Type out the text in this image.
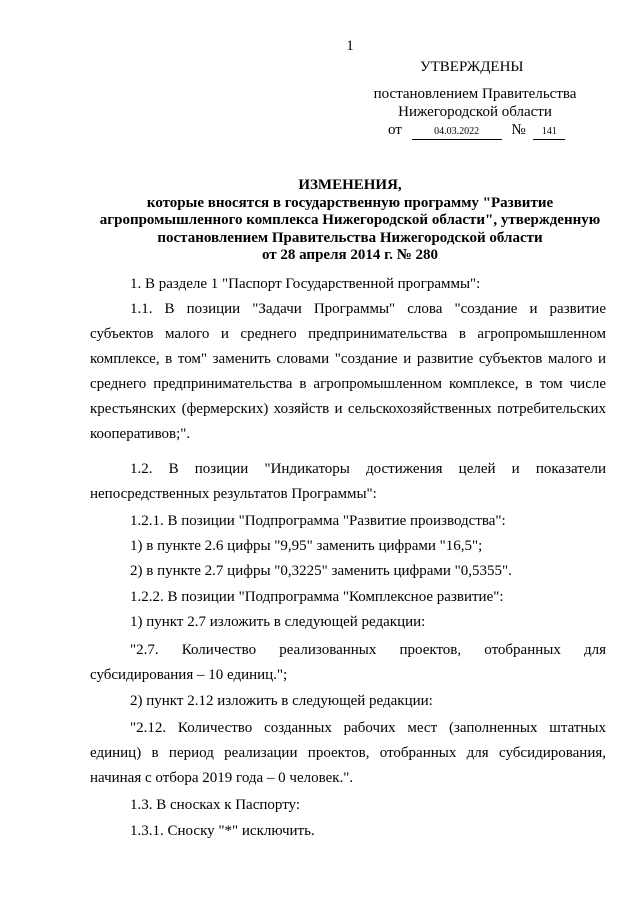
1
УТВЕРЖДЕНЫ
постановлением Правительства
Нижегородской области
от	04.03.2022 № 141
ИЗМЕНЕНИЯ,
которые вносятся в государственную программу "Развитие
агропромышленного комплекса Нижегородской области", утвержденную
постановлением Правительства Нижегородской области
от 28 апреля 2014 г. № 280
1. В разделе 1 "Паспорт Государственной программы":
1.1. В позиции "Задачи Программы" слова "создание и развитие
субъектов малого и среднего предпринимательства в агропромышленном
комплексе, в том" заменить словами "создание и развитие субъектов малого и
среднего предпринимательства в агропромышленном комплексе, в том числе
крестьянских (фермерских) хозяйств и сельскохозяйственных потребительских
кооперативов;".
1.2. В позиции "Индикаторы достижения целей и показатели
непосредственных результатов Программы":
1.2.1. В позиции "Подпрограмма "Развитие производства":
1) в пункте 2.6 цифры "9,95" заменить цифрами "16,5";
2) в пункте 2.7 цифры "0,3225" заменить цифрами "0,5355".
1.2.2. В позиции "Подпрограмма "Комплексное развитие":
1) пункт 2.7 изложить в следующей редакции:
"2.7. Количество реализованных проектов, отобранных для
субсидирования – 10 единиц.";
2) пункт 2.12 изложить в следующей редакции:
"2.12. Количество созданных рабочих мест (заполненных штатных
единиц) в период реализации проектов, отобранных для субсидирования,
начиная с отбора 2019 года – 0 человек.".
1.3. В сносках к Паспорту:
1.3.1. Сноску "*" исключить.
